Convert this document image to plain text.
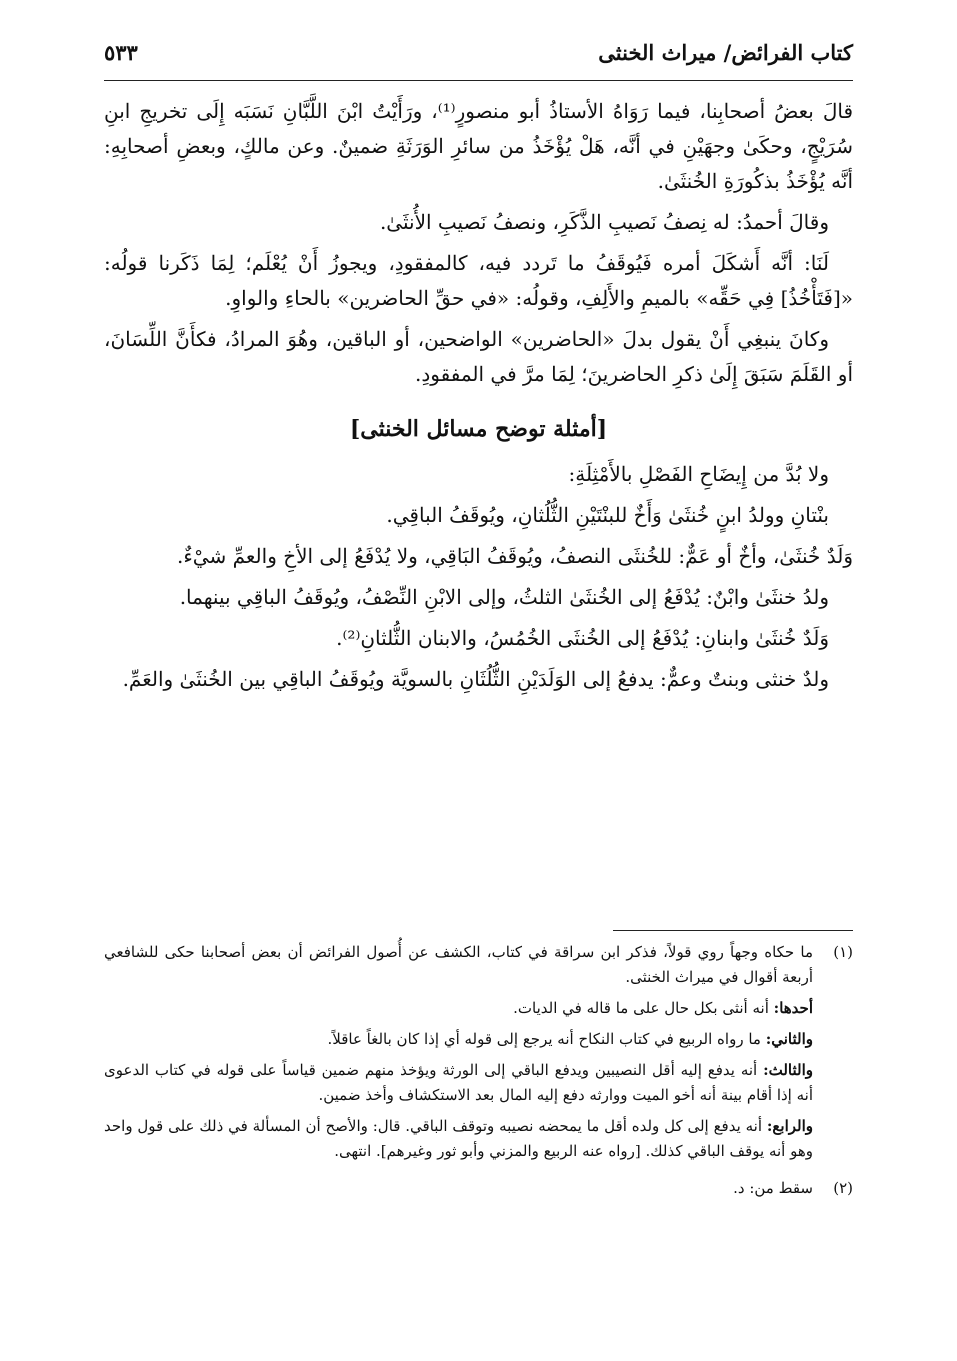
كتاب الفرائض/ ميراث الخنثى
٥٣٣

قالَ بعضُ أصحابِنا، فيما رَوَاهُ الأستاذُ أبو منصورٍ⁽¹⁾، ورَأَيْتُ ابْنَ اللَّبَّانِ نَسَبَه إِلَى تخريجِ ابنِ سُرَيْجٍ، وحكَىٰ وجهَيْنِ في أنَّه، هَلْ يُؤْخَذُ من سائرِ الوَرَثَةِ ضمينٌ. وعن مالكٍ، وبعضِ أصحابِهِ: أنَّه يُؤْخَذُ بذكُورَةِ الخُنثَىٰ.

وقالَ أحمدُ: له نِصفُ نَصيبِ الذَّكَرِ، ونصفُ نَصيبِ الأُنثَىٰ.

لَنَا: أنَّه أَشكَلَ أمره فَيُوقَفُ ما تَردد فيه، كالمفقودِ، ويجوزُ أَنْ يُعْلَم؛ لِمَا ذَكَرنا قولُه: «[فَتَأْخُذُ] فِي حَقِّه» بالميمِ والأَلِفِ، وقولُه: «في حقِّ الحاضرين» بالحاءِ والواوِ.

وكانَ ينبغِي أَنْ يقول بدلَ «الحاضرين» الواضحين، أو الباقين، وهُوَ المرادُ، فكأَنَّ اللِّسَانَ، أو القَلَمَ سَبَقَ إِلَىٰ ذكرِ الحاضرينَ؛ لِمَا مرَّ في المفقودِ.

[أمثلة توضح مسائل الخنثى]

ولا بُدَّ من إِيضَاحِ الفَصْلِ بالأَمْثِلَةِ:

بنْتانِ وولدُ ابنٍ خُنثَىٰ وَأَخٌ للبنْتَيْنِ الثُّلُثانِ، ويُوقَفُ الباقِي.

وَلَدٌ خُنثَىٰ، وأخٌ أو عَمٌّ: للخُنثَى النصفُ، ويُوقَفُ البَاقِي، ولا يُدْفَعُ إلى الأخِ والعمِّ شيْءٌ.

ولدُ خنثَىٰ وابْنٌ: يُدْفَعُ إلى الخُنثَىٰ الثلثُ، وإلى الابْنِ النِّصْفُ، ويُوقَفُ الباقِي بينهما.

وَلَدٌ خُنثَىٰ وابنانِ: يُدْفَعُ إلى الخُنثَى الخُمُسُ، والابنان الثُّلثانِ⁽²⁾.

ولدٌ خنثى وبنتٌ وعمٌّ: يدفعُ إلى الوَلَدَيْنِ الثُّلُثَانِ بالسويَّة ويُوقَفُ الباقِي بين الخُنثَىٰ والعَمِّ.

(١)

ما حكاه وجهاً روي قولاً، فذكر ابن سراقة في كتاب، الكشف عن أُصول الفرائض أن بعض أصحابنا حكى للشافعي أربعة أقوال في ميراث الخنثى.

أحدها: أنه أنثى بكل حال على ما قاله في الديات.

والثاني: ما رواه الربيع في كتاب النكاح أنه يرجع إلى قوله أي إذا كان بالغاً عاقلاً.

والثالث: أنه يدفع إليه أقل النصيبين ويدفع الباقي إلى الورثة ويؤخذ منهم ضمين قياساً على قوله في كتاب الدعوى أنه إذا أقام بينة أنه أخو الميت ووارثه دفع إليه المال بعد الاستكشاف وأخذ ضمين.

والرابع: أنه يدفع إلى كل ولده أقل ما يمحضه نصيبه وتوقف الباقي. قال: والأصح أن المسألة في ذلك على قول واحد وهو أنه يوقف الباقي كذلك. [رواه عنه الربيع والمزني وأبو ثور وغيرهم]. انتهى.

(٢)

سقط من: د.
